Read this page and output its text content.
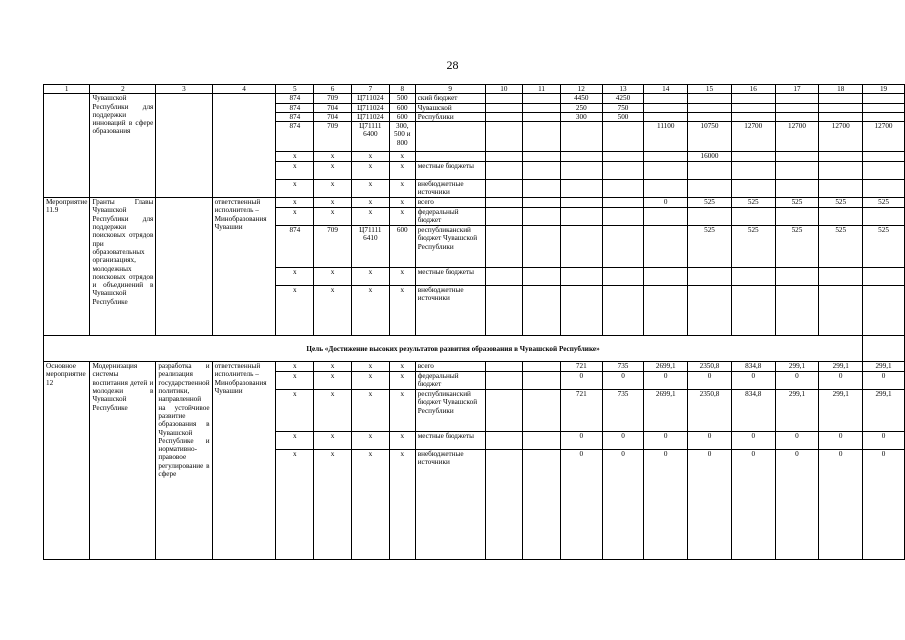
28
1	2	3	4	5	6	7	8	9	10	11	12	13	14	15	16	17	18	19
	Чувашской Республики для поддержки инноваций в сфере образования			874	709	Ц711024	500	ский бюджет			4450	4250						
				874	704	Ц711024	600	Чувашской			250	750						
				874	704	Ц711024	600	Республики			300	500						
				874	709	Ц71111 6400	300, 500 и 800						11100	10750	12700	12700	12700	12700
				x	x	x	x							16000				
				x	x	x	x	местные бюджеты										
				x	x	x	x	внебюджетные источники										
Мероприятие 11.9	Гранты Главы Чувашской Республики для поддержки поисковых отрядов при образовательных организациях, молодежных поисковых отрядов и объединений в Чувашской Республике		ответственный исполнитель – Минобразования Чувашии	x	x	x	x	всего					0	525	525	525	525	525
				x	x	x	x	федеральный бюджет										
				874	709	Ц71111 6410	600	республиканский бюджет Чувашской Республики						525	525	525	525	525
				x	x	x	x	местные бюджеты										
				x	x	x	x	внебюджетные источники										
Цель «Достижение высоких результатов развития образования в Чувашской Республике»																		
Основное мероприятие 12	Модернизация системы воспитания детей и молодежи в Чувашской Республике	разработка и реализация государственной политики, направленной на устойчивое развитие образования в Чувашской Республике и нормативно-правовое регулирование в сфере	ответственный исполнитель – Минобразования Чувашии	x	x	x	x	всего			721	735	2699,1	2350,8	834,8	299,1	299,1	299,1
				x	x	x	x	федеральный бюджет			0	0	0	0	0	0	0	0
				x	x	x	x	республиканский бюджет Чувашской Республики			721	735	2699,1	2350,8	834,8	299,1	299,1	299,1
				x	x	x	x	местные бюджеты			0	0	0	0	0	0	0	0
				x	x	x	x	внебюджетные источники			0	0	0	0	0	0	0	0
